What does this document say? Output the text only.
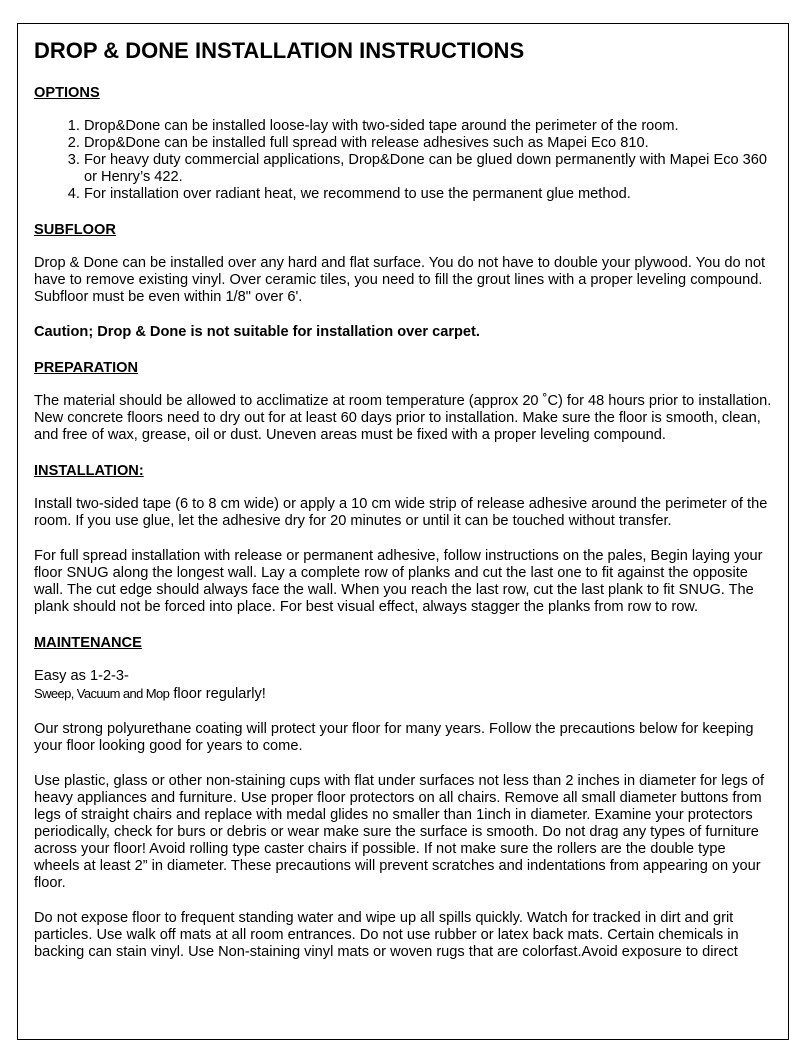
DROP & DONE INSTALLATION INSTRUCTIONS
OPTIONS
1. Drop&Done can be installed loose-lay with two-sided tape around the perimeter of the room.
2. Drop&Done can be installed full spread with release adhesives such as Mapei Eco 810.
3. For heavy duty commercial applications, Drop&Done can be glued down permanently with Mapei Eco 360 or Henry’s 422.
4. For installation over radiant heat, we recommend to use the permanent glue method.
SUBFLOOR

Drop & Done can be installed over any hard and flat surface. You do not have to double your plywood. You do not have to remove existing vinyl. Over ceramic tiles, you need to fill the grout lines with a proper leveling compound. Subfloor must be even within 1/8" over 6'.

Caution; Drop & Done is not suitable for installation over carpet.

PREPARATION

The material should be allowed to acclimatize at room temperature (approx 20 ˚C) for 48 hours prior to installation. New concrete floors need to dry out for at least 60 days prior to installation. Make sure the floor is smooth, clean, and free of wax, grease, oil or dust. Uneven areas must be fixed with a proper leveling compound.

INSTALLATION:

Install two-sided tape (6 to 8 cm wide) or apply a 10 cm wide strip of release adhesive around the perimeter of the room. If you use glue, let the adhesive dry for 20 minutes or until it can be touched without transfer.

For full spread installation with release or permanent adhesive, follow instructions on the pales, Begin laying your floor SNUG along the longest wall. Lay a complete row of planks and cut the last one to fit against the opposite wall. The cut edge should always face the wall. When you reach the last row, cut the last plank to fit SNUG. The plank should not be forced into place. For best visual effect, always stagger the planks from row to row.

MAINTENANCE

Easy as 1-2-3-
Sweep, Vacuum and Mop floor regularly!

Our strong polyurethane coating will protect your floor for many years. Follow the precautions below for keeping your floor looking good for years to come.

Use plastic, glass or other non-staining cups with flat under surfaces not less than 2 inches in diameter for legs of heavy appliances and furniture. Use proper floor protectors on all chairs. Remove all small diameter buttons from legs of straight chairs and replace with medal glides no smaller than 1inch in diameter. Examine your protectors periodically, check for burs or debris or wear make sure the surface is smooth. Do not drag any types of furniture across your floor! Avoid rolling type caster chairs if possible. If not make sure the rollers are the double type wheels at least 2” in diameter. These precautions will prevent scratches and indentations from appearing on your floor.

Do not expose floor to frequent standing water and wipe up all spills quickly. Watch for tracked in dirt and grit particles. Use walk off mats at all room entrances. Do not use rubber or latex back mats. Certain chemicals in backing can stain vinyl. Use Non-staining vinyl mats or woven rugs that are colorfast.Avoid exposure to direct
